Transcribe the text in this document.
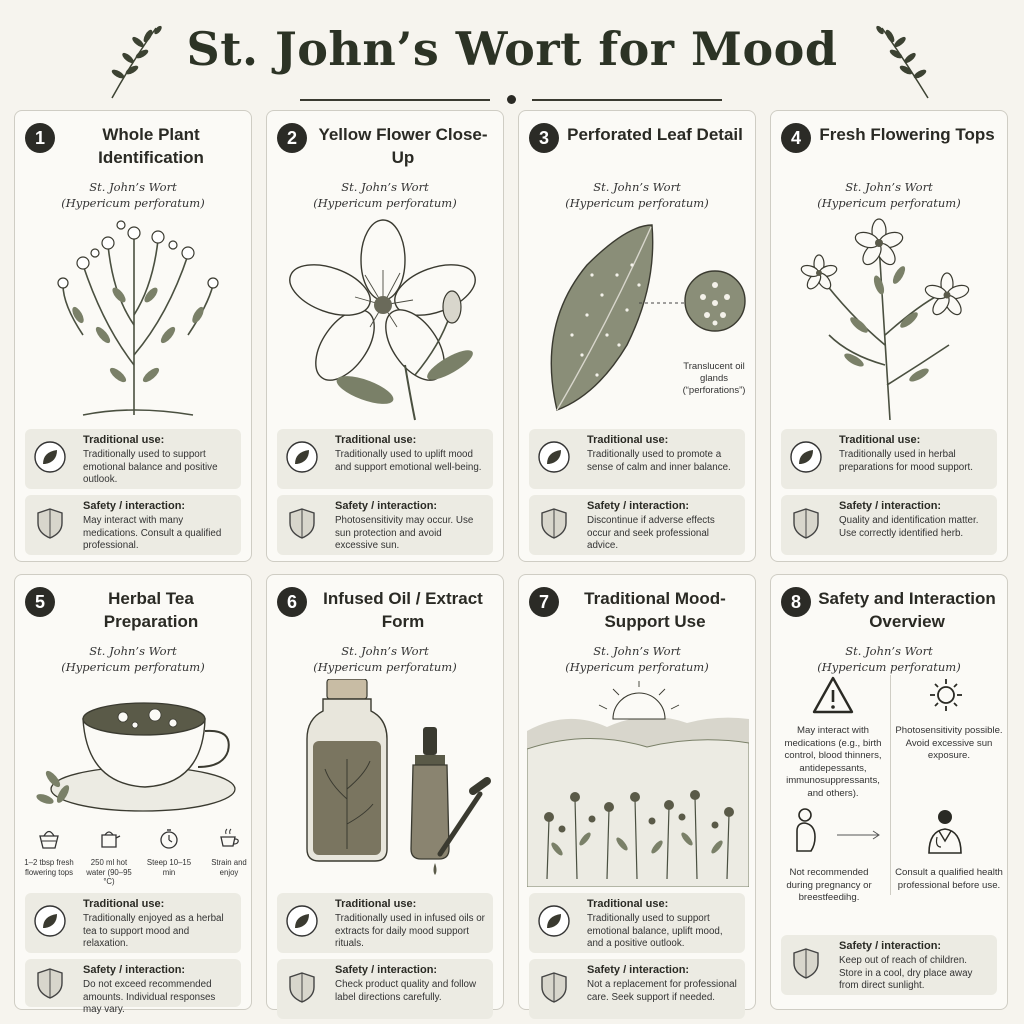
St. John’s Wort for Mood
1	Whole Plant Identification
St. John’s Wort
(Hypericum perforatum)
Traditional use:
Traditionally used to support emotional balance and positive outlook.
Safety / interaction:
May interact with many medications. Consult a qualified professional.
2	Yellow Flower Close-Up
St. John’s Wort
(Hypericum perforatum)
Traditional use:
Traditionally used to uplift mood and support emotional well-being.
Safety / interaction:
Photosensitivity may occur. Use sun protection and avoid excessive sun.
3	Perforated Leaf Detail
St. John’s Wort
(Hypericum perforatum)
Translucent oil glands (“perforations”)
Traditional use:
Traditionally used to promote a sense of calm and inner balance.
Safety / interaction:
Discontinue if adverse effects occur and seek professional advice.
4	Fresh Flowering Tops
St. John’s Wort
(Hypericum perforatum)
Traditional use:
Traditionally used in herbal preparations for mood support.
Safety / interaction:
Quality and identification matter. Use correctly identified herb.
5	Herbal Tea Preparation
St. John’s Wort
(Hypericum perforatum)
1–2 tbsp fresh flowering tops
250 ml hot water (90–95 °C)
Steep 10–15 min
Strain and enjoy
Traditional use:
Traditionally enjoyed as a herbal tea to support mood and relaxation.
Safety / interaction:
Do not exceed recommended amounts. Individual responses may vary.
6	Infused Oil / Extract Form
St. John’s Wort
(Hypericum perforatum)
Traditional use:
Traditionally used in infused oils or extracts for daily mood support rituals.
Safety / interaction:
Check product quality and follow label directions carefully.
7	Traditional Mood-Support Use
St. John’s Wort
(Hypericum perforatum)
Traditional use:
Traditionally used to support emotional balance, uplift mood, and a positive outlook.
Safety / interaction:
Not a replacement for professional care. Seek support if needed.
8	Safety and Interaction Overview
St. John’s Wort
(Hypericum perforatum)
May interact with medications (e.g., birth control, blood thinners, antidepessants, immunosuppressants, and others).
Photosensitivity possible. Avoid excessive sun exposure.
Not recommended during pregnancy or breestfeedihg.
Consult a qualified health professional before use.
Safety / interaction:
Keep out of reach of children. Store in a cool, dry place away from direct sunlight.
